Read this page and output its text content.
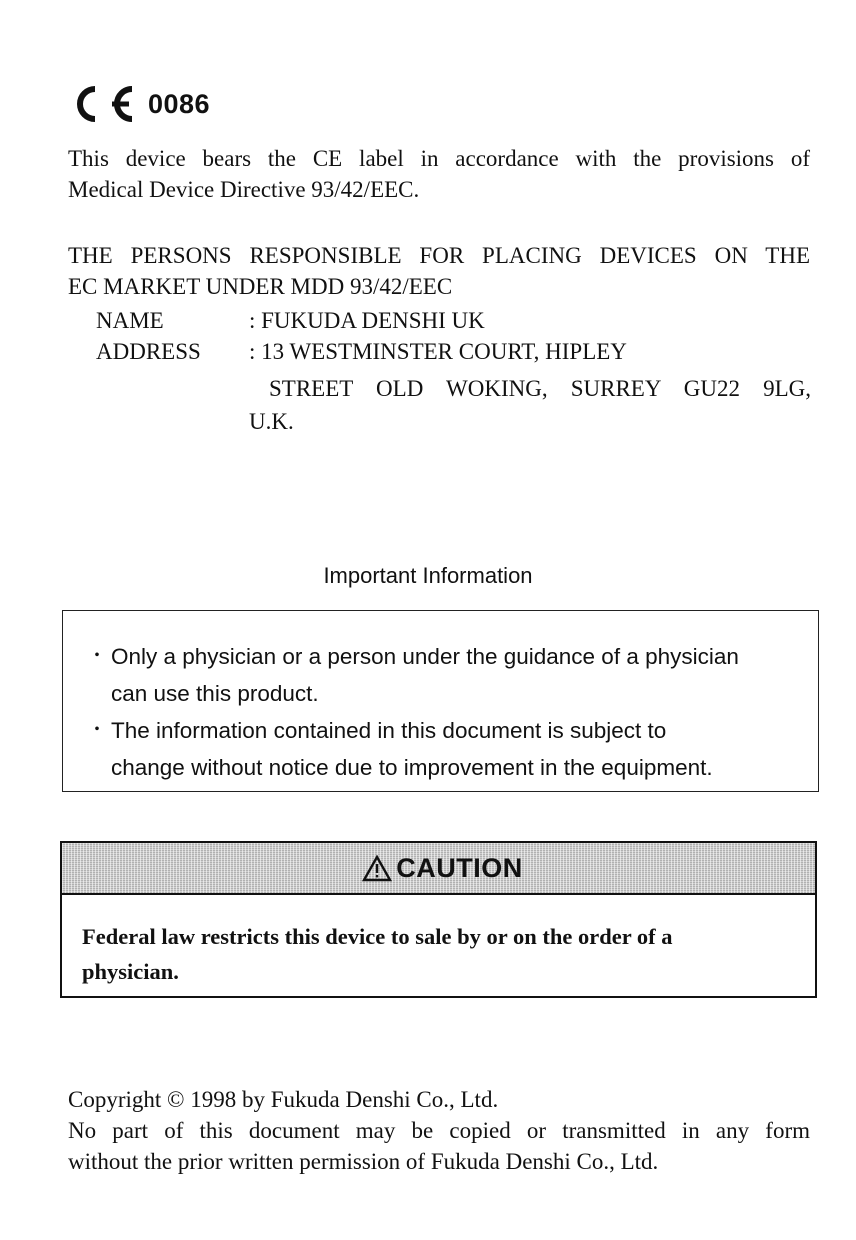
0086
This device bears the CE label in accordance with the provisions of
Medical Device Directive 93/42/EEC.
THE PERSONS RESPONSIBLE FOR PLACING DEVICES ON THE
EC MARKET UNDER MDD 93/42/EEC
NAME	: FUKUDA DENSHI UK
ADDRESS	: 13 WESTMINSTER COURT, HIPLEY
STREET OLD WOKING, SURREY GU22 9LG,
U.K.
Important Information
・ Only a physician or a person under the guidance of a physician
can use this product.
・ The information contained in this document is subject to
change without notice due to improvement in the equipment.
CAUTION
Federal law restricts this device to sale by or on the order of a
physician.
Copyright © 1998 by Fukuda Denshi Co., Ltd.
No part of this document may be copied or transmitted in any form
without the prior written permission of Fukuda Denshi Co., Ltd.
